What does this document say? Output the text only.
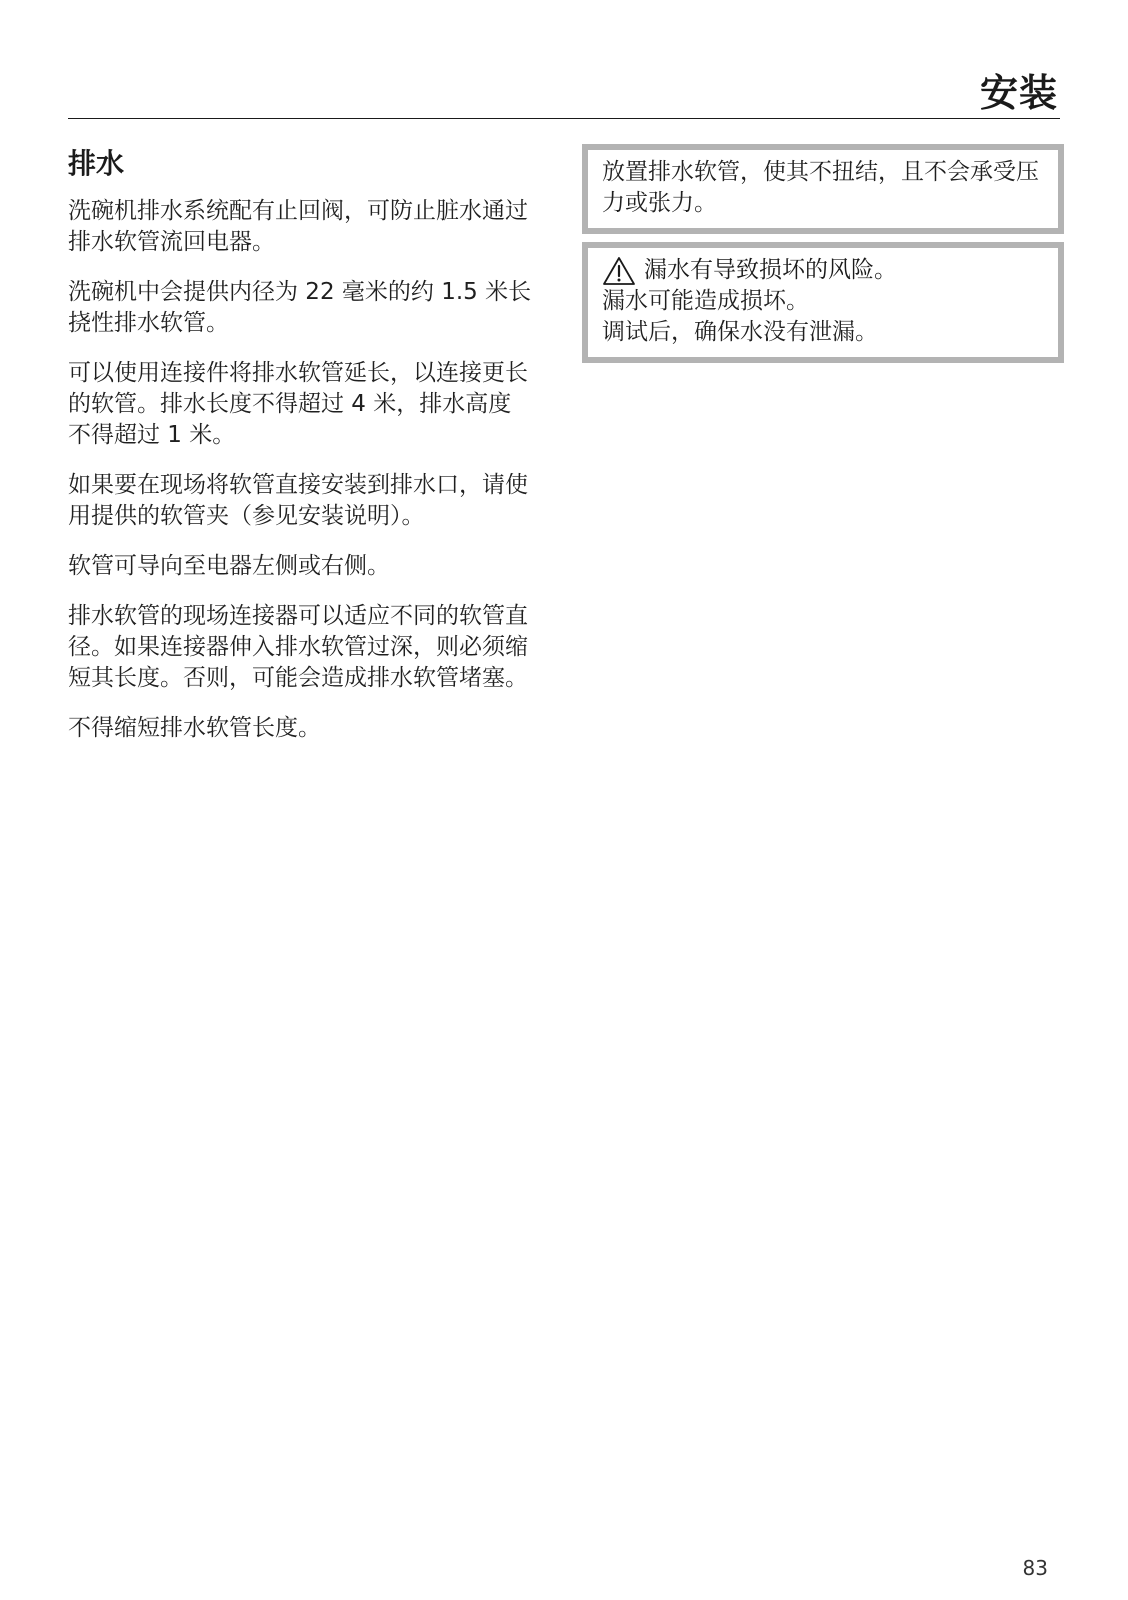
安装
排水

洗碗机排水系统配有止回阀，可防止脏水通过排水软管流回电器。

洗碗机中会提供内径为 22 毫米的约 1.5 米长挠性排水软管。

可以使用连接件将排水软管延长，以连接更长的软管。排水长度不得超过 4 米，排水高度不得超过 1 米。

如果要在现场将软管直接安装到排水口，请使用提供的软管夹（参见安装说明）。

软管可导向至电器左侧或右侧。

排水软管的现场连接器可以适应不同的软管直径。如果连接器伸入排水软管过深，则必须缩短其长度。否则，可能会造成排水软管堵塞。

不得缩短排水软管长度。

放置排水软管，使其不扭结，且不会承受压力或张力。

漏水有导致损坏的风险。

漏水可能造成损坏。

调试后，确保水没有泄漏。

83
